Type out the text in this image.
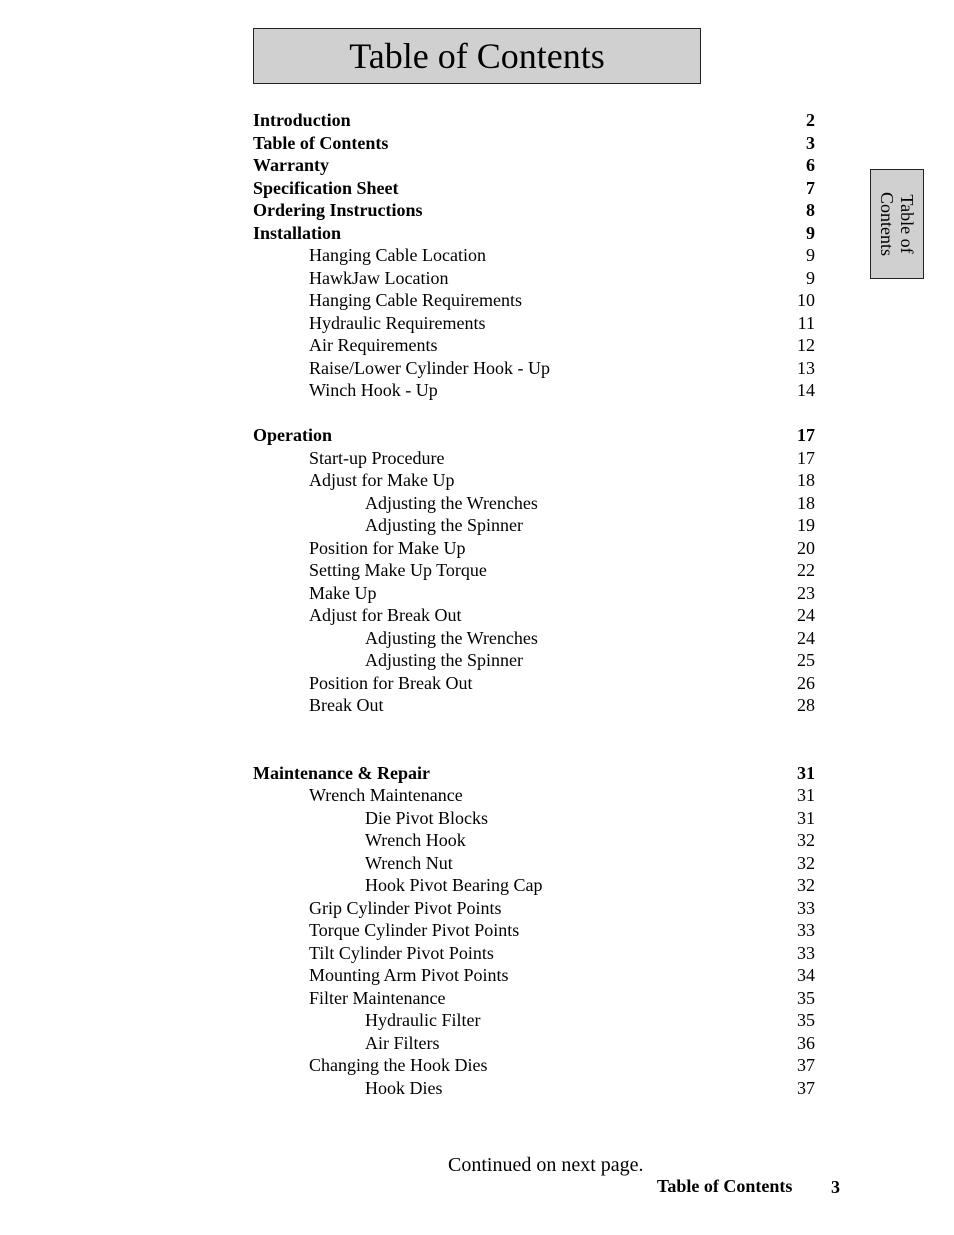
Table of Contents
Table of
Contents
Introduction	2
Table of Contents	3
Warranty	6
Specification Sheet	7
Ordering Instructions	8
Installation	9
Hanging Cable Location	9
HawkJaw Location	9
Hanging Cable Requirements	10
Hydraulic Requirements	11
Air Requirements	12
Raise/Lower Cylinder Hook - Up	13
Winch Hook - Up	14
Operation	17
Start-up Procedure	17
Adjust for Make Up	18
Adjusting the Wrenches	18
Adjusting the Spinner	19
Position for Make Up	20
Setting Make Up Torque	22
Make Up	23
Adjust for Break Out	24
Adjusting the Wrenches	24
Adjusting the Spinner	25
Position for Break Out	26
Break Out	28
Maintenance & Repair	31
Wrench Maintenance	31
Die Pivot Blocks	31
Wrench Hook	32
Wrench Nut	32
Hook Pivot Bearing Cap	32
Grip Cylinder Pivot Points	33
Torque Cylinder Pivot Points	33
Tilt Cylinder Pivot Points	33
Mounting Arm Pivot Points	34
Filter Maintenance	35
Hydraulic Filter	35
Air Filters	36
Changing the Hook Dies	37
Hook Dies	37
Continued on next page.
Table of Contents 3
